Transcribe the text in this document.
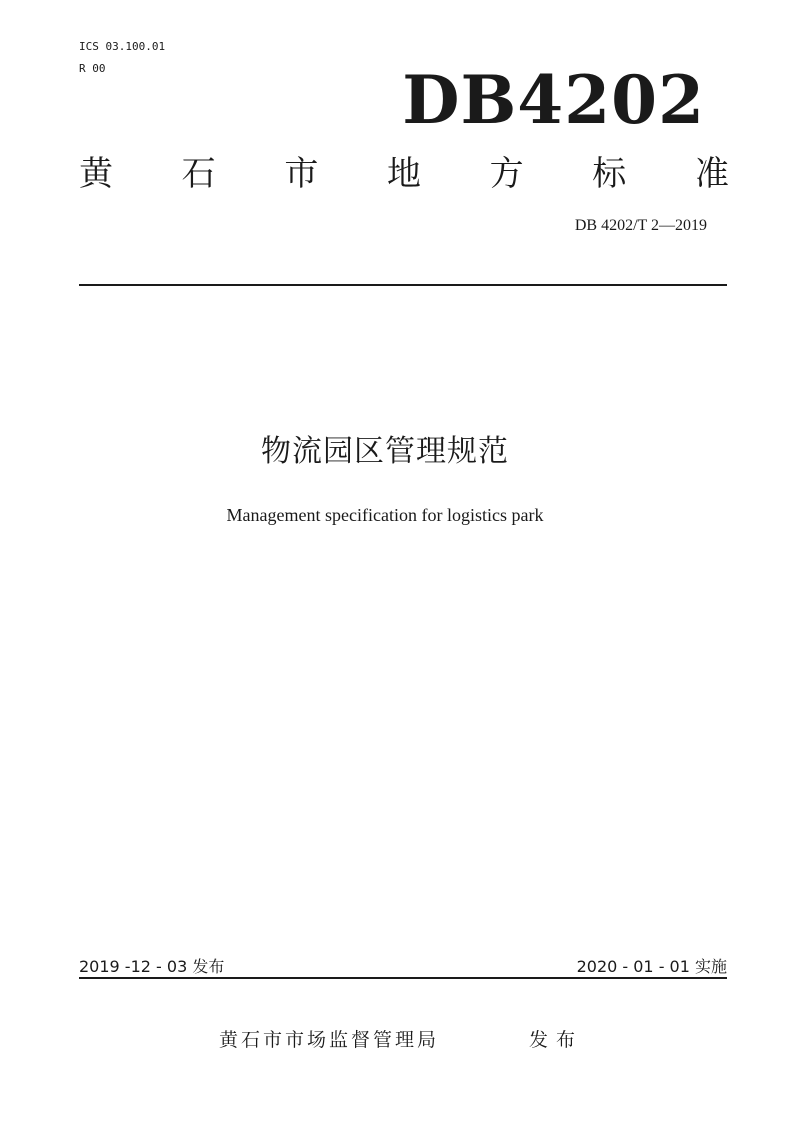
ICS 03.100.01
R 00	DB4202
黄 石 市 地 方 标 准
DB 4202/T 2—2019
物流园区管理规范
Management specification for logistics park
2019 -12 - 03 发布	2020 - 01 - 01 实施
黄石市市场监督管理局	发布
